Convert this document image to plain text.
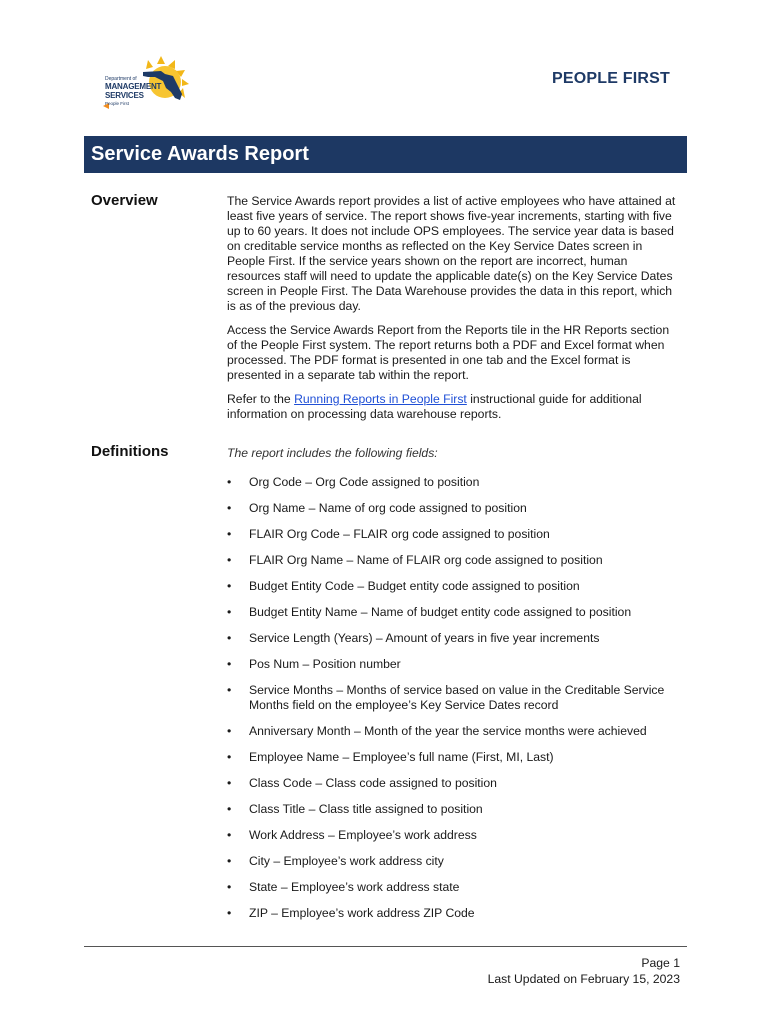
Department of
MANAGEMENT
SERVICES
People First
PEOPLE FIRST
Service Awards Report
Overview	The Service Awards report provides a list of active employees who have attained at least five years of service. The report shows five-year increments, starting with five up to 60 years. It does not include OPS employees. The service year data is based on creditable service months as reflected on the Key Service Dates screen in People First. If the service years shown on the report are incorrect, human resources staff will need to update the applicable date(s) on the Key Service Dates screen in People First. The Data Warehouse provides the data in this report, which is as of the previous day.

Access the Service Awards Report from the Reports tile in the HR Reports section of the People First system. The report returns both a PDF and Excel format when processed. The PDF format is presented in one tab and the Excel format is presented in a separate tab within the report.

Refer to the Running Reports in People First instructional guide for additional information on processing data warehouse reports.

Definitions	The report includes the following fields:
• Org Code – Org Code assigned to position
• Org Name – Name of org code assigned to position
• FLAIR Org Code – FLAIR org code assigned to position
• FLAIR Org Name – Name of FLAIR org code assigned to position
• Budget Entity Code – Budget entity code assigned to position
• Budget Entity Name – Name of budget entity code assigned to position
• Service Length (Years) – Amount of years in five year increments
• Pos Num – Position number
• Service Months – Months of service based on value in the Creditable Service Months field on the employee’s Key Service Dates record
• Anniversary Month – Month of the year the service months were achieved
• Employee Name – Employee’s full name (First, MI, Last)
• Class Code – Class code assigned to position
• Class Title – Class title assigned to position
• Work Address – Employee’s work address
• City – Employee’s work address city
• State – Employee’s work address state
• ZIP – Employee’s work address ZIP Code
Page 1
Last Updated on February 15, 2023
